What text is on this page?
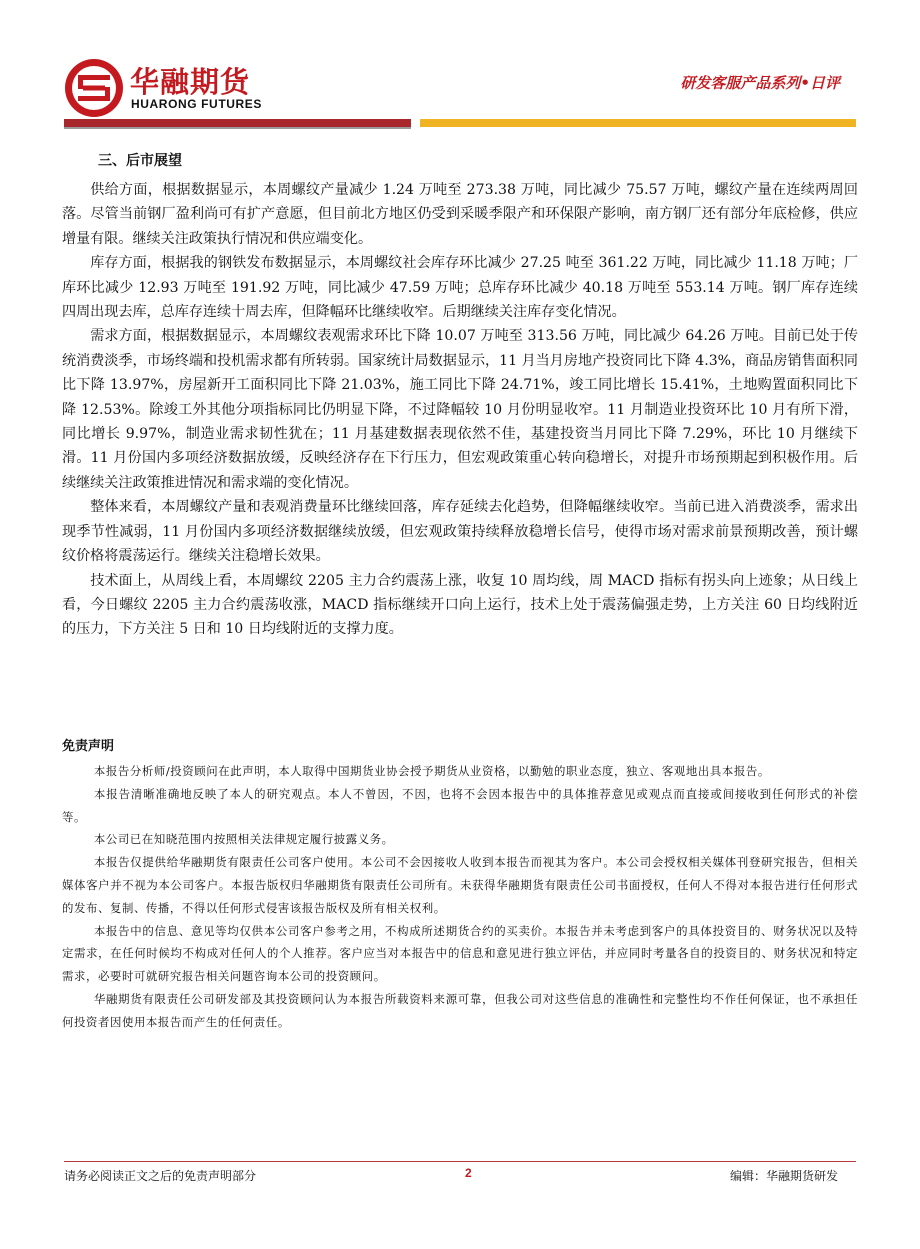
华融期货
HUARONG FUTURES
研发客服产品系列•日评
三、后市展望

供给方面，根据数据显示，本周螺纹产量减少 1.24 万吨至 273.38 万吨，同比减少 75.57 万吨，螺纹产量在连续两周回落。尽管当前钢厂盈利尚可有扩产意愿，但目前北方地区仍受到采暖季限产和环保限产影响，南方钢厂还有部分年底检修，供应增量有限。继续关注政策执行情况和供应端变化。

库存方面，根据我的钢铁发布数据显示，本周螺纹社会库存环比减少 27.25 吨至 361.22 万吨，同比减少 11.18 万吨；厂库环比减少 12.93 万吨至 191.92 万吨，同比减少 47.59 万吨；总库存环比减少 40.18 万吨至 553.14 万吨。钢厂库存连续四周出现去库，总库存连续十周去库，但降幅环比继续收窄。后期继续关注库存变化情况。

需求方面，根据数据显示，本周螺纹表观需求环比下降 10.07 万吨至 313.56 万吨，同比减少 64.26 万吨。目前已处于传统消费淡季，市场终端和投机需求都有所转弱。国家统计局数据显示，11 月当月房地产投资同比下降 4.3%，商品房销售面积同比下降 13.97%，房屋新开工面积同比下降 21.03%，施工同比下降 24.71%，竣工同比增长 15.41%，土地购置面积同比下降 12.53%。除竣工外其他分项指标同比仍明显下降，不过降幅较 10 月份明显收窄。11 月制造业投资环比 10 月有所下滑，同比增长 9.97%，制造业需求韧性犹在；11 月基建数据表现依然不佳，基建投资当月同比下降 7.29%，环比 10 月继续下滑。11 月份国内多项经济数据放缓，反映经济存在下行压力，但宏观政策重心转向稳增长，对提升市场预期起到积极作用。后续继续关注政策推进情况和需求端的变化情况。

整体来看，本周螺纹产量和表观消费量环比继续回落，库存延续去化趋势，但降幅继续收窄。当前已进入消费淡季，需求出现季节性减弱，11 月份国内多项经济数据继续放缓，但宏观政策持续释放稳增长信号，使得市场对需求前景预期改善，预计螺纹价格将震荡运行。继续关注稳增长效果。

技术面上，从周线上看，本周螺纹 2205 主力合约震荡上涨，收复 10 周均线，周 MACD 指标有拐头向上迹象；从日线上看，今日螺纹 2205 主力合约震荡收涨，MACD 指标继续开口向上运行，技术上处于震荡偏强走势，上方关注 60 日均线附近的压力，下方关注 5 日和 10 日均线附近的支撑力度。

免责声明

本报告分析师/投资顾问在此声明，本人取得中国期货业协会授予期货从业资格，以勤勉的职业态度，独立、客观地出具本报告。

本报告清晰准确地反映了本人的研究观点。本人不曾因，不因，也将不会因本报告中的具体推荐意见或观点而直接或间接收到任何形式的补偿等。

本公司已在知晓范围内按照相关法律规定履行披露义务。

本报告仅提供给华融期货有限责任公司客户使用。本公司不会因接收人收到本报告而视其为客户。本公司会授权相关媒体刊登研究报告，但相关媒体客户并不视为本公司客户。本报告版权归华融期货有限责任公司所有。未获得华融期货有限责任公司书面授权，任何人不得对本报告进行任何形式的发布、复制、传播，不得以任何形式侵害该报告版权及所有相关权利。

本报告中的信息、意见等均仅供本公司客户参考之用，不构成所述期货合约的买卖价。本报告并未考虑到客户的具体投资目的、财务状况以及特定需求，在任何时候均不构成对任何人的个人推荐。客户应当对本报告中的信息和意见进行独立评估，并应同时考量各自的投资目的、财务状况和特定需求，必要时可就研究报告相关问题咨询本公司的投资顾问。

华融期货有限责任公司研发部及其投资顾问认为本报告所载资料来源可靠，但我公司对这些信息的准确性和完整性均不作任何保证，也不承担任何投资者因使用本报告而产生的任何责任。

请务必阅读正文之后的免责声明部分	2	编辑：华融期货研发
